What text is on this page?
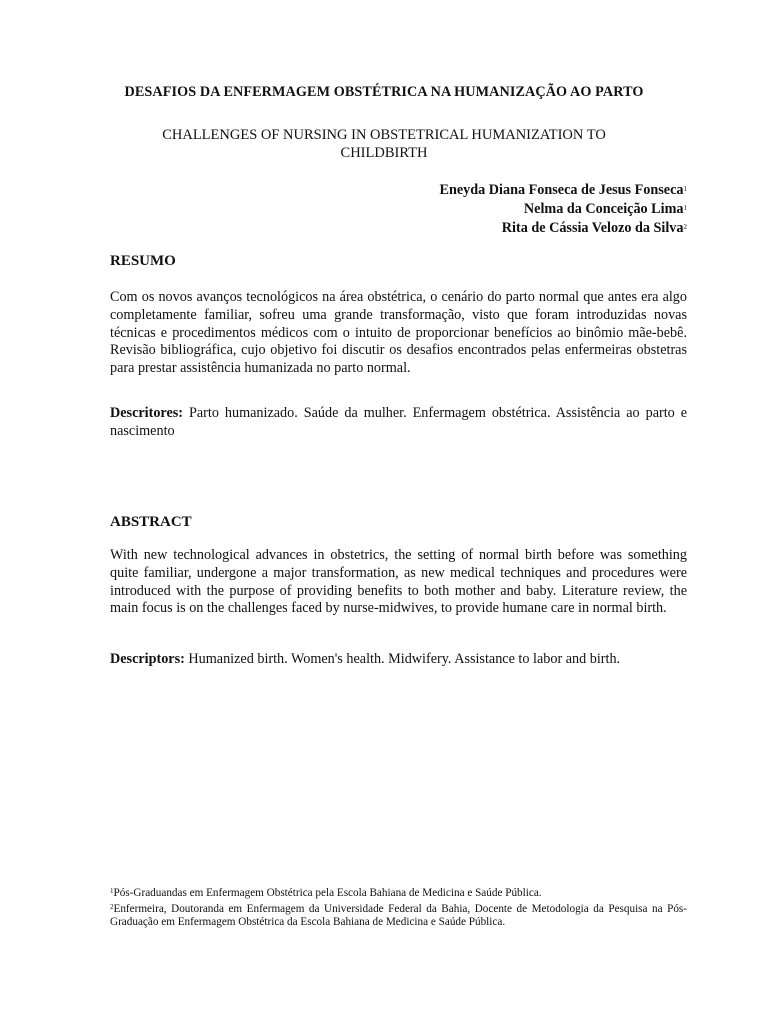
DESAFIOS DA ENFERMAGEM OBSTÉTRICA NA HUMANIZAÇÃO AO PARTO
CHALLENGES OF NURSING IN OBSTETRICAL HUMANIZATION TO CHILDBIRTH
Eneyda Diana Fonseca de Jesus Fonseca$^1$
Nelma da Conceição Lima$^1$
Rita de Cássia Velozo da Silva$^2$
RESUMO
Com os novos avanços tecnológicos na área obstétrica, o cenário do parto normal que antes era algo completamente familiar, sofreu uma grande transformação, visto que foram introduzidas novas técnicas e procedimentos médicos com o intuito de proporcionar benefícios ao binômio mãe-bebê. Revisão bibliográfica, cujo objetivo foi discutir os desafios encontrados pelas enfermeiras obstetras para prestar assistência humanizada no parto normal.
Descritores: Parto humanizado. Saúde da mulher. Enfermagem obstétrica. Assistência ao parto e nascimento
ABSTRACT
With new technological advances in obstetrics, the setting of normal birth before was something quite familiar, undergone a major transformation, as new medical techniques and procedures were introduced with the purpose of providing benefits to both mother and baby. Literature review, the main focus is on the challenges faced by nurse-midwives, to provide humane care in normal birth.
Descriptors: Humanized birth. Women's health. Midwifery. Assistance to labor and birth.
$^1$Pós-Graduandas em Enfermagem Obstétrica pela Escola Bahiana de Medicina e Saúde Pública.
$^2$Enfermeira, Doutoranda em Enfermagem da Universidade Federal da Bahia, Docente de Metodologia da Pesquisa na Pós-Graduação em Enfermagem Obstétrica da Escola Bahiana de Medicina e Saúde Pública.
